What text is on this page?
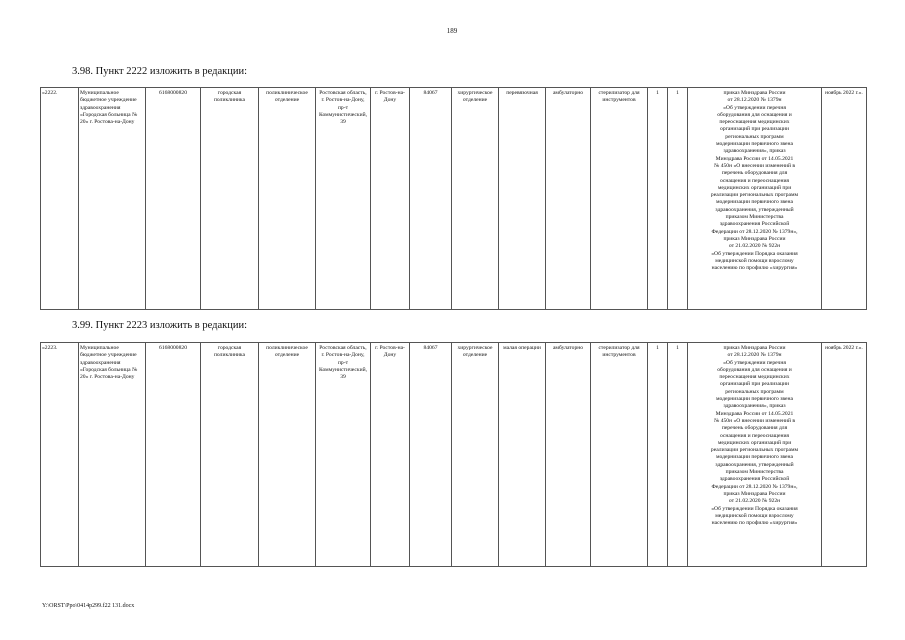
189
3.98. Пункт 2222 изложить в редакции:
«2222.	Муниципальное бюджетное учреждение здравоохранения «Городская больница № 20» г. Ростова-на-Дону	6168000820	городская поликлиника	поликлиническое отделение	Ростовская область,
г. Ростов-на-Дону,
пр-т Коммунистический, 39	г. Ростов-на-Дону	84067	хирургическое отделение	перевязочная	амбулаторно	стерилизатор для инструментов	1	1	приказ Минздрава России
от 28.12.2020 № 1379н
«Об утверждении перечня
оборудования для оснащения и
переоснащения медицинских
организаций при реализации
региональных программ
модернизации первичного звена
здравоохранения», приказ
Минздрава России от 14.05.2021
№ 450н «О внесении изменений в
перечень оборудования для
оснащения и переоснащения
медицинских организаций при
реализации региональных программ
модернизации первичного звена
здравоохранения, утвержденный
приказом Министерства
здравоохранения Российской
Федерации от 28.12.2020 № 1379н»,
приказ Минздрава России
от 21.02.2020 № 922н
«Об утверждении Порядка оказания
медицинской помощи взрослому
населению по профилю «хирургия»	ноябрь 2022 г.».
3.99. Пункт 2223 изложить в редакции:
«2223.	Муниципальное бюджетное учреждение здравоохранения «Городская больница № 20» г. Ростова-на-Дону	6168000820	городская поликлиника	поликлиническое отделение	Ростовская область,
г. Ростов-на-Дону,
пр-т Коммунистический, 39	г. Ростов-на-Дону	84067	хирургическое отделение	малая операции	амбулаторно	стерилизатор для инструментов	1	1	приказ Минздрава России
от 28.12.2020 № 1379н
«Об утверждении перечня
оборудования для оснащения и
переоснащения медицинских
организаций при реализации
региональных программ
модернизации первичного звена
здравоохранения», приказ
Минздрава России от 14.05.2021
№ 450н «О внесении изменений в
перечень оборудования для
оснащения и переоснащения
медицинских организаций при
реализации региональных программ
модернизации первичного звена
здравоохранения, утвержденный
приказом Министерства
здравоохранения Российской
Федерации от 28.12.2020 № 1379н»,
приказ Минздрава России
от 21.02.2020 № 922н
«Об утверждении Порядка оказания
медицинской помощи взрослому
населению по профилю «хирургия»	ноябрь 2022 г.».
Y:\ORST\Ppo\0414p299.f22 131.docx
